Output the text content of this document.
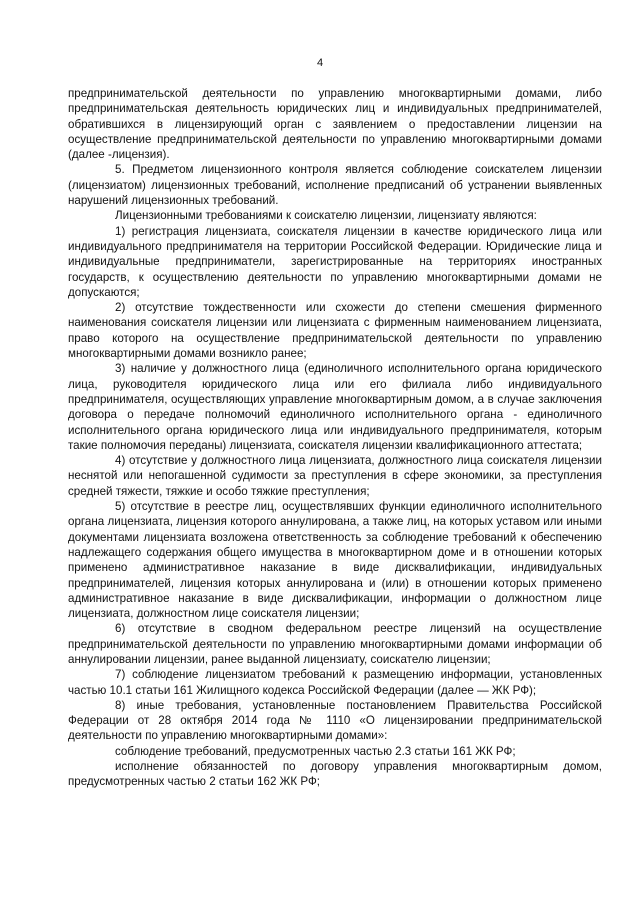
4

предпринимательской деятельности по управлению многоквартирными домами, либо предпринимательская деятельность юридических лиц и индивидуальных предпринимателей, обратившихся в лицензирующий орган с заявлением о предоставлении лицензии на осуществление предпринимательской деятельности по управлению многоквартирными домами (далее -лицензия).

5. Предметом лицензионного контроля является соблюдение соискателем лицензии (лицензиатом) лицензионных требований, исполнение предписаний об устранении выявленных нарушений лицензионных требований.

Лицензионными требованиями к соискателю лицензии, лицензиату являются:

1) регистрация лицензиата, соискателя лицензии в качестве юридического лица или индивидуального предпринимателя на территории Российской Федерации. Юридические лица и индивидуальные предприниматели, зарегистрированные на территориях иностранных государств, к осуществлению деятельности по управлению многоквартирными домами не допускаются;

2) отсутствие тождественности или схожести до степени смешения фирменного наименования соискателя лицензии или лицензиата с фирменным наименованием лицензиата, право которого на осуществление предпринимательской деятельности по управлению многоквартирными домами возникло ранее;

3) наличие у должностного лица (единоличного исполнительного органа юридического лица, руководителя юридического лица или его филиала либо индивидуального предпринимателя, осуществляющих управление многоквартирным домом, а в случае заключения договора о передаче полномочий единоличного исполнительного органа - единоличного исполнительного органа юридического лица или индивидуального предпринимателя, которым такие полномочия переданы) лицензиата, соискателя лицензии квалификационного аттестата;

4) отсутствие у должностного лица лицензиата, должностного лица соискателя лицензии неснятой или непогашенной судимости за преступления в сфере экономики, за преступления средней тяжести, тяжкие и особо тяжкие преступления;

5) отсутствие в реестре лиц, осуществлявших функции единоличного исполнительного органа лицензиата, лицензия которого аннулирована, а также лиц, на которых уставом или иными документами лицензиата возложена ответственность за соблюдение требований к обеспечению надлежащего содержания общего имущества в многоквартирном доме и в отношении которых применено административное наказание в виде дисквалификации, индивидуальных предпринимателей, лицензия которых аннулирована и (или) в отношении которых применено административное наказание в виде дисквалификации, информации о должностном лице лицензиата, должностном лице соискателя лицензии;

6) отсутствие в сводном федеральном реестре лицензий на осуществление предпринимательской деятельности по управлению многоквартирными домами информации об аннулировании лицензии, ранее выданной лицензиату, соискателю лицензии;

7) соблюдение лицензиатом требований к размещению информации, установленных частью 10.1 статьи 161 Жилищного кодекса Российской Федерации (далее — ЖК РФ);

8) иные требования, установленные постановлением Правительства Российской Федерации от 28 октября 2014 года № 1110 «О лицензировании предпринимательской деятельности по управлению многоквартирными домами»:

соблюдение требований, предусмотренных частью 2.3 статьи 161 ЖК РФ;

исполнение обязанностей по договору управления многоквартирным домом, предусмотренных частью 2 статьи 162 ЖК РФ;
